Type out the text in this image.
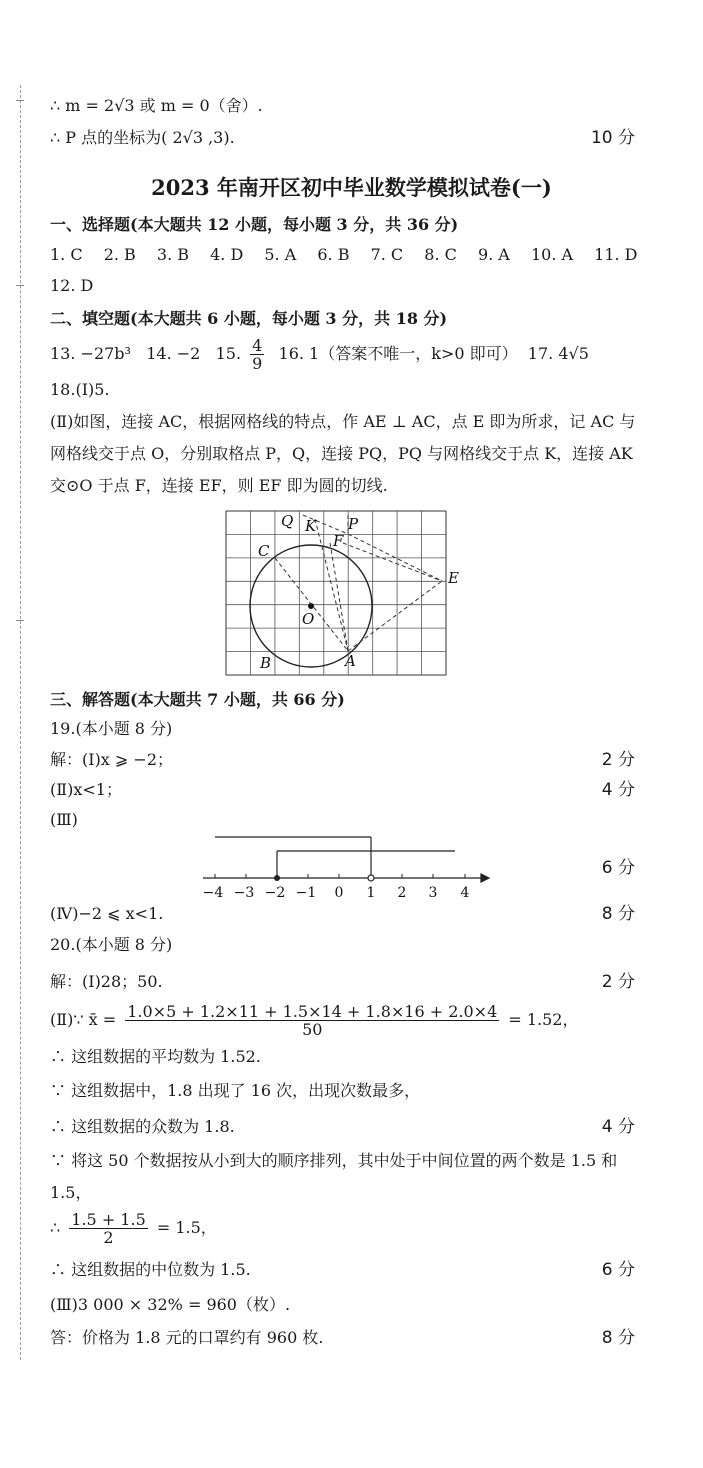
∴ m = 2√3 或 m = 0（舍）.
∴ P 点的坐标为( 2√3 ,3).	10 分
2023 年南开区初中毕业数学模拟试卷(一)
一、选择题(本大题共 12 小题，每小题 3 分，共 36 分)
1. C 2. B 3. B 4. D 5. A 6. B 7. C 8. C 9. A 10. A 11. D
12. D
二、填空题(本大题共 6 小题，每小题 3 分，共 18 分)
13. −27b³ 14. −2 15. $\frac{4}{9} 16$. 1（答案不唯一，k>0 即可） 17. 4√5
18.(Ⅰ)5.
(Ⅱ)如图，连接 AC，根据网格线的特点，作 AE ⊥ AC，点 E 即为所求，记 AC 与网格线交于点 O，分别取格点 P，Q，连接 PQ，PQ 与网格线交于点 K，连接 AK 交⊙O 于点 F，连接 EF，则 EF 即为圆的切线.
Q K P
F
C
E
O
B	A
三、解答题(本大题共 7 小题，共 66 分)
19.(本小题 8 分)
解：(Ⅰ)x ⩾ −2；	2 分
(Ⅱ)x<1；	4 分
(Ⅲ)
6 分
−4 −3 −2 −1 0 1 2 3 4
(Ⅳ)−2 ⩽ x<1.	8 分
20.(本小题 8 分)
解：(Ⅰ)28；50.	2 分
(Ⅱ)∵ x̄ = $\frac{1.0\times 5 + 1.2\times 11 + 1.5\times 14 + 1.8\times 16 + 2.0\times 4}{50} = 1.52$，
∴ 这组数据的平均数为 1.52.
∵ 这组数据中，1.8 出现了 16 次，出现次数最多，
∴ 这组数据的众数为 1.8.	4 分
∵ 将这 50 个数据按从小到大的顺序排列，其中处于中间位置的两个数是 1.5 和 1.5，
∴ $\frac{1.5 + 1.5}{2} = 1.5$，
∴ 这组数据的中位数为 1.5.	6 分
(Ⅲ)3 000 × 32% = 960（枚）.
答：价格为 1.8 元的口罩约有 960 枚.	8 分
